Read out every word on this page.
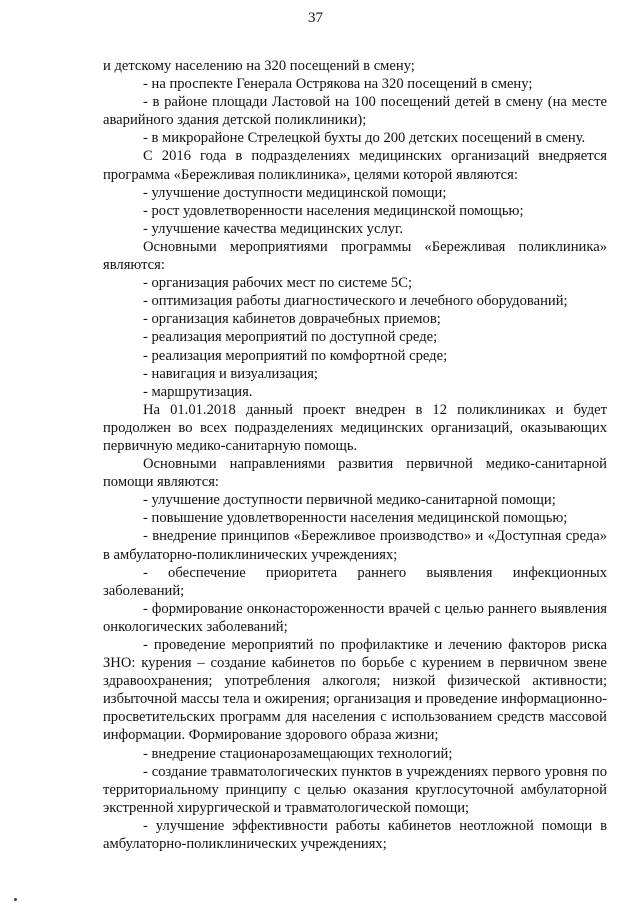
37

и детскому населению на 320 посещений в смену;

- на проспекте Генерала Острякова на 320 посещений в смену;

- в районе площади Ластовой на 100 посещений детей в смену (на месте аварийного здания детской поликлиники);

- в микрорайоне Стрелецкой бухты до 200 детских посещений в смену.

С 2016 года в подразделениях медицинских организаций внедряется программа «Бережливая поликлиника», целями которой являются:

- улучшение доступности медицинской помощи;

- рост удовлетворенности населения медицинской помощью;

- улучшение качества медицинских услуг.

Основными мероприятиями программы «Бережливая поликлиника» являются:

- организация рабочих мест по системе 5С;

- оптимизация работы диагностического и лечебного оборудований;

- организация кабинетов доврачебных приемов;

- реализация мероприятий по доступной среде;

- реализация мероприятий по комфортной среде;

- навигация и визуализация;

- маршрутизация.

На 01.01.2018 данный проект внедрен в 12 поликлиниках и будет продолжен во всех подразделениях медицинских организаций, оказывающих первичную медико-санитарную помощь.

Основными направлениями развития первичной медико-санитарной помощи являются:

- улучшение доступности первичной медико-санитарной помощи;

- повышение удовлетворенности населения медицинской помощью;

- внедрение принципов «Бережливое производство» и «Доступная среда» в амбулаторно-поликлинических учреждениях;

- обеспечение приоритета раннего выявления инфекционных заболеваний;

- формирование онконастороженности врачей с целью раннего выявления онкологических заболеваний;

- проведение мероприятий по профилактике и лечению факторов риска ЗНО: курения – создание кабинетов по борьбе с курением в первичном звене здравоохранения; употребления алкоголя; низкой физической активности; избыточной массы тела и ожирения; организация и проведение информационно-просветительских программ для населения с использованием средств массовой информации. Формирование здорового образа жизни;

- внедрение стационарозамещающих технологий;

- создание травматологических пунктов в учреждениях первого уровня по территориальному принципу с целью оказания круглосуточной амбулаторной экстренной хирургической и травматологической помощи;

- улучшение эффективности работы кабинетов неотложной помощи в амбулаторно-поликлинических учреждениях;
